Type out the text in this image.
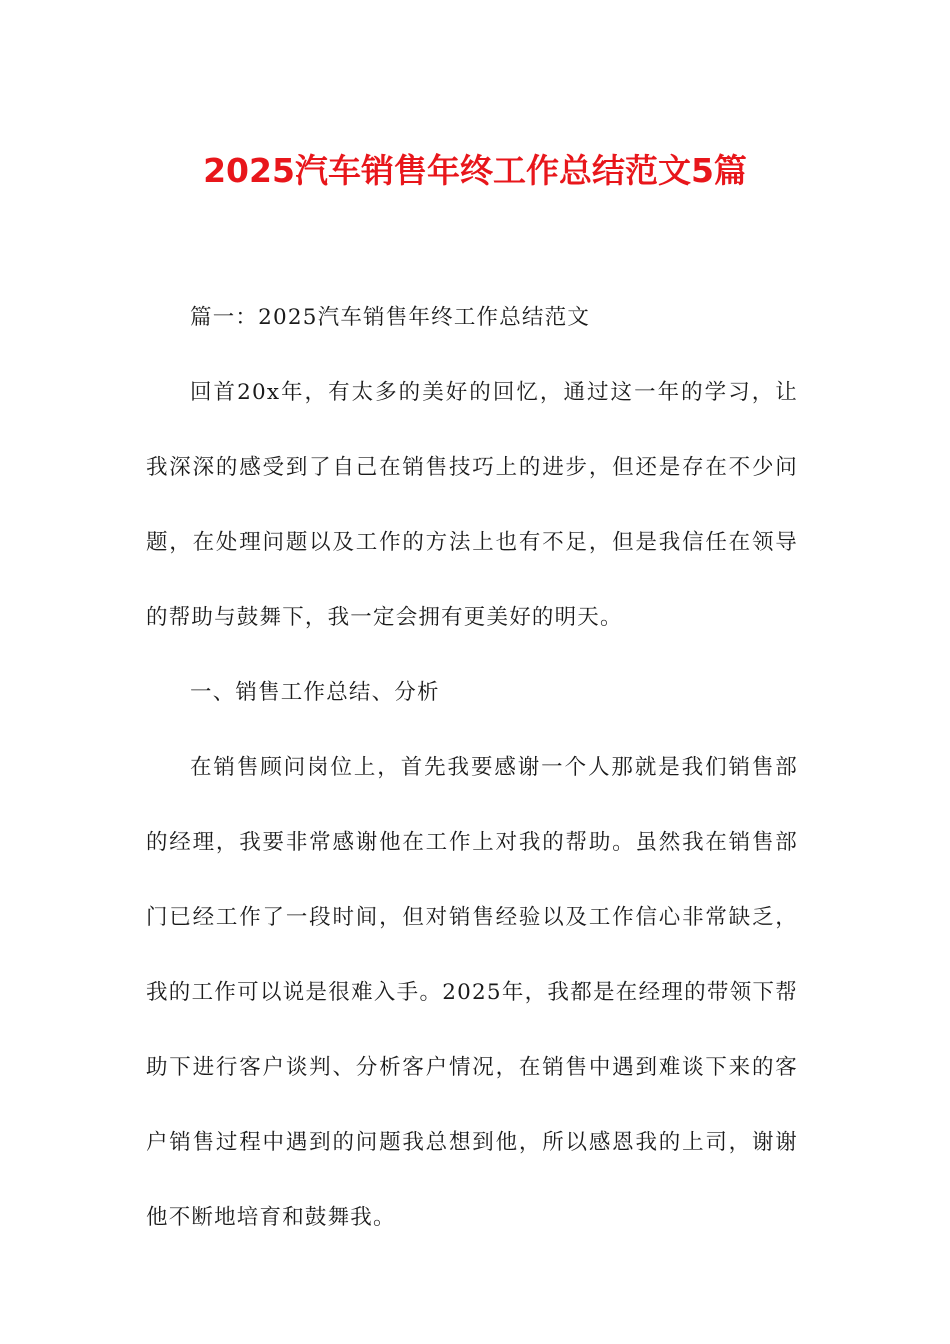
2025汽车销售年终工作总结范文5篇

篇一：2025汽车销售年终工作总结范文

回首20x年，有太多的美好的回忆，通过这一年的学习，让我深深的感受到了自己在销售技巧上的进步，但还是存在不少问题，在处理问题以及工作的方法上也有不足，但是我信任在领导的帮助与鼓舞下，我一定会拥有更美好的明天。

一、销售工作总结、分析

在销售顾问岗位上，首先我要感谢一个人那就是我们销售部的经理，我要非常感谢他在工作上对我的帮助。虽然我在销售部门已经工作了一段时间，但对销售经验以及工作信心非常缺乏，我的工作可以说是很难入手。2025年，我都是在经理的带领下帮助下进行客户谈判、分析客户情况，在销售中遇到难谈下来的客户销售过程中遇到的问题我总想到他，所以感恩我的上司，谢谢他不断地培育和鼓舞我。
